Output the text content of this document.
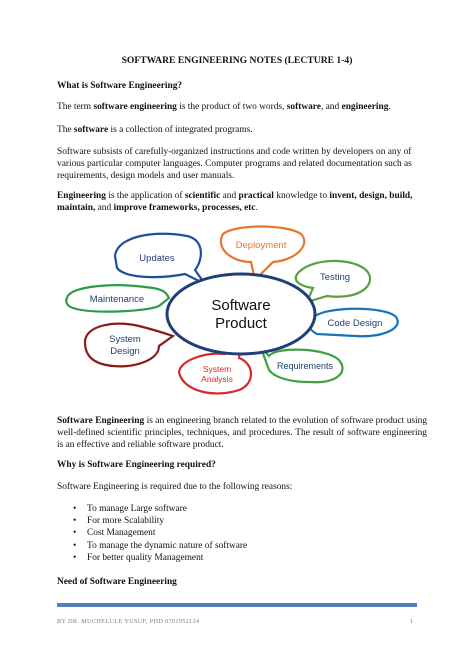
SOFTWARE ENGINEERING NOTES (LECTURE 1-4)

What is Software Engineering?

The term software engineering is the product of two words, software, and engineering.

The software is a collection of integrated programs.

Software subsists of carefully-organized instructions and code written by developers on any of various particular computer languages. Computer programs and related documentation such as requirements, design models and user manuals.

Engineering is the application of scientific and practical knowledge to invent, design, build, maintain, and improve frameworks, processes, etc.

Updates
Deployment
Testing
Code Design
Requirements
System
Analysis
System
Design
Maintenance	Software
Product

Software Engineering is an engineering branch related to the evolution of software product using well-defined scientific principles, techniques, and procedures. The result of software engineering is an effective and reliable software product.

Why is Software Engineering required?

Software Engineering is required due to the following reasons:

• To manage Large software
• For more Scalability
• Cost Management
• To manage the dynamic nature of software
• For better quality Management

Need of Software Engineering

BY DR. MUCHELULE YUSUF, PHD 0701952124	1
